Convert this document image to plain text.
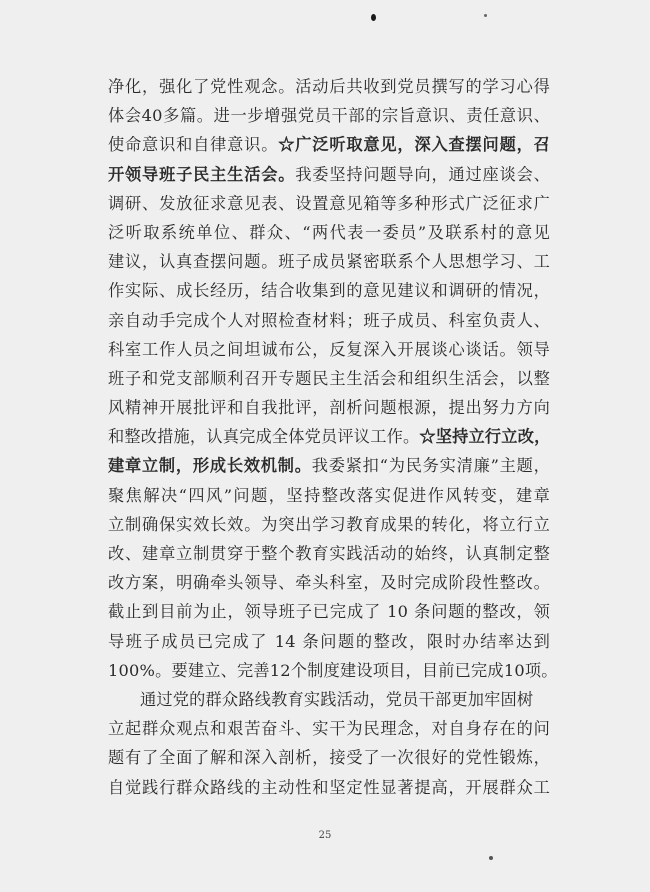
净化，强化了党性观念。活动后共收到党员撰写的学习心得
体会40多篇。进一步增强党员干部的宗旨意识、责任意识、
使命意识和自律意识。☆广泛听取意见，深入查摆问题，召
开领导班子民主生活会。我委坚持问题导向，通过座谈会、
调研、发放征求意见表、设置意见箱等多种形式广泛征求广
泛听取系统单位、群众、“两代表一委员”及联系村的意见
建议，认真查摆问题。班子成员紧密联系个人思想学习、工
作实际、成长经历，结合收集到的意见建议和调研的情况，
亲自动手完成个人对照检查材料；班子成员、科室负责人、
科室工作人员之间坦诚布公，反复深入开展谈心谈话。领导
班子和党支部顺利召开专题民主生活会和组织生活会，以整
风精神开展批评和自我批评，剖析问题根源，提出努力方向
和整改措施，认真完成全体党员评议工作。☆坚持立行立改，
建章立制，形成长效机制。我委紧扣“为民务实清廉”主题，
聚焦解决“四风”问题，坚持整改落实促进作风转变，建章
立制确保实效长效。为突出学习教育成果的转化，将立行立
改、建章立制贯穿于整个教育实践活动的始终，认真制定整
改方案，明确牵头领导、牵头科室，及时完成阶段性整改。
截止到目前为止，领导班子已完成了 10 条问题的整改，领
导班子成员已完成了 14 条问题的整改，限时办结率达到
100%。要建立、完善12个制度建设项目，目前已完成10项。
通过党的群众路线教育实践活动，党员干部更加牢固树
立起群众观点和艰苦奋斗、实干为民理念，对自身存在的问
题有了全面了解和深入剖析，接受了一次很好的党性锻炼，
自觉践行群众路线的主动性和坚定性显著提高，开展群众工
25
